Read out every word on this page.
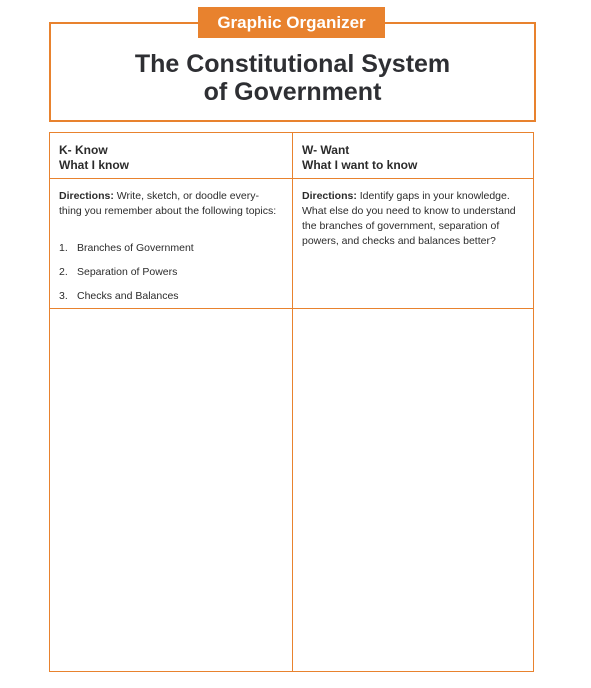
Graphic Organizer
The Constitutional System
of Government
K- Know
What I know
W- Want
What I want to know
Directions: Write, sketch, or doodle every-thing you remember about the following topics:
1. Branches of Government
2. Separation of Powers
3. Checks and Balances
Directions: Identify gaps in your knowledge. What else do you need to know to understand the branches of government, separation of powers, and checks and balances better?
